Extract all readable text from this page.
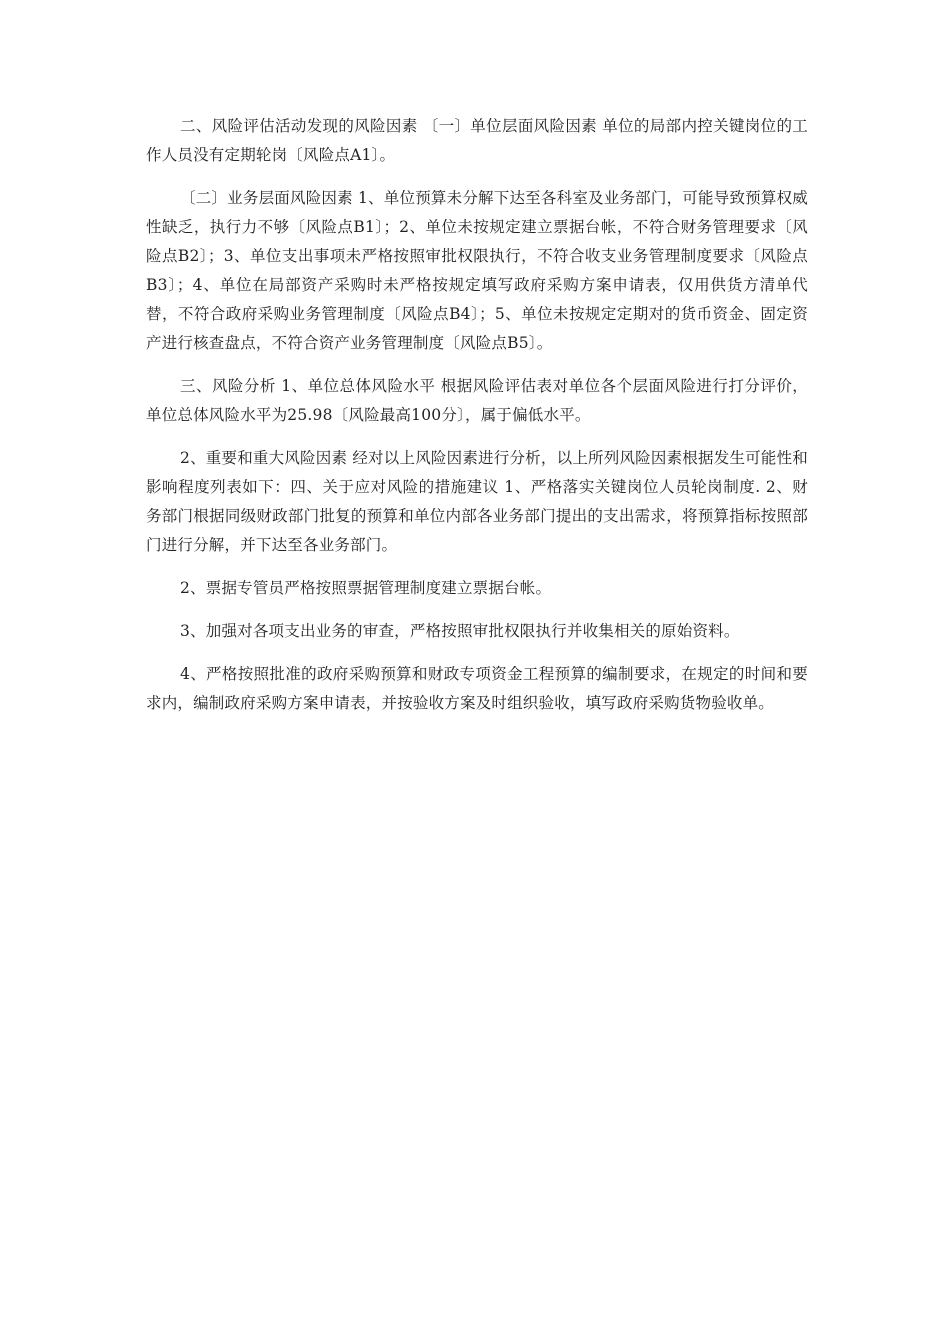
二、风险评估活动发现的风险因素 〔一〕单位层面风险因素 单位的局部内控关键岗位的工作人员没有定期轮岗〔风险点A1〕。

〔二〕业务层面风险因素 1、单位预算未分解下达至各科室及业务部门，可能导致预算权威性缺乏，执行力不够〔风险点B1〕；2、单位未按规定建立票据台帐，不符合财务管理要求〔风险点B2〕；3、单位支出事项未严格按照审批权限执行，不符合收支业务管理制度要求〔风险点B3〕；4、单位在局部资产采购时未严格按规定填写政府采购方案申请表，仅用供货方清单代替，不符合政府采购业务管理制度〔风险点B4〕；5、单位未按规定定期对的货币资金、固定资产进行核查盘点，不符合资产业务管理制度〔风险点B5〕。

三、风险分析 1、单位总体风险水平 根据风险评估表对单位各个层面风险进行打分评价，单位总体风险水平为25.98〔风险最高100分〕，属于偏低水平。

2、重要和重大风险因素 经对以上风险因素进行分析，以上所列风险因素根据发生可能性和影响程度列表如下：四、关于应对风险的措施建议 1、严格落实关键岗位人员轮岗制度. 2、财务部门根据同级财政部门批复的预算和单位内部各业务部门提出的支出需求，将预算指标按照部门进行分解，并下达至各业务部门。

2、票据专管员严格按照票据管理制度建立票据台帐。

3、加强对各项支出业务的审查，严格按照审批权限执行并收集相关的原始资料。

4、严格按照批准的政府采购预算和财政专项资金工程预算的编制要求，在规定的时间和要求内，编制政府采购方案申请表，并按验收方案及时组织验收，填写政府采购货物验收单。
